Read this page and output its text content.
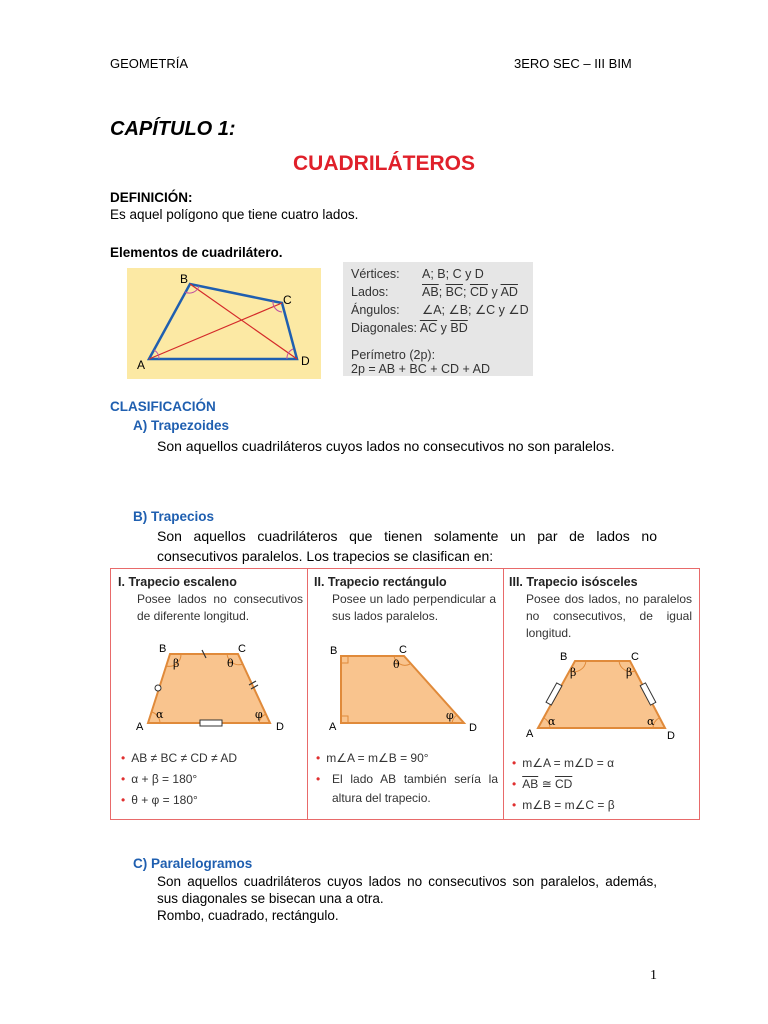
GEOMETRÍA	3ERO SEC – III BIM
CAPÍTULO 1:
CUADRILÁTEROS
DEFINICIÓN:
Es aquel polígono que tiene cuatro lados.
Elementos de cuadrilátero.
A
B
C
D
Vértices: A; B; C y D
Lados:	$\overline{AB}$; $\overline{BC}$; $\overline{CD}$ y $\overline{AD}$
Ángulos: ∠A; ∠B; ∠C y ∠D
Diagonales: $\overline{AC}$ y $\overline{BD}$
Perímetro (2p):
2p = AB + BC + CD + AD
CLASIFICACIÓN
A) Trapezoides
Son aquellos cuadriláteros cuyos lados no consecutivos no son paralelos.
B) Trapecios
Son aquellos cuadriláteros que tienen solamente un par de lados no consecutivos paralelos. Los trapecios se clasifican en:
I. Trapecio escaleno
Posee lados no consecutivos de diferente longitud.
A
B	C
D
α
β	θ
φ
• AB ≠ BC ≠ CD ≠ AD
• α + β = 180°
• θ + φ = 180°
II. Trapecio rectángulo
Posee un lado perpendicular a sus lados paralelos.
A
B	C
D
θ
φ
• m∠A = m∠B = 90°
• El lado AB también sería la altura del trapecio.
III. Trapecio isósceles
Posee dos lados, no paralelos no consecutivos, de igual longitud.
A
B	C
D
α
β	β
α
• m∠A = m∠D = α
• $\overline{AB}$ ≅ $\overline{CD}$
• m∠B = m∠C = β
C) Paralelogramos
Son aquellos cuadriláteros cuyos lados no consecutivos son paralelos, además, sus diagonales se bisecan una a otra.
Rombo, cuadrado, rectángulo.
1
